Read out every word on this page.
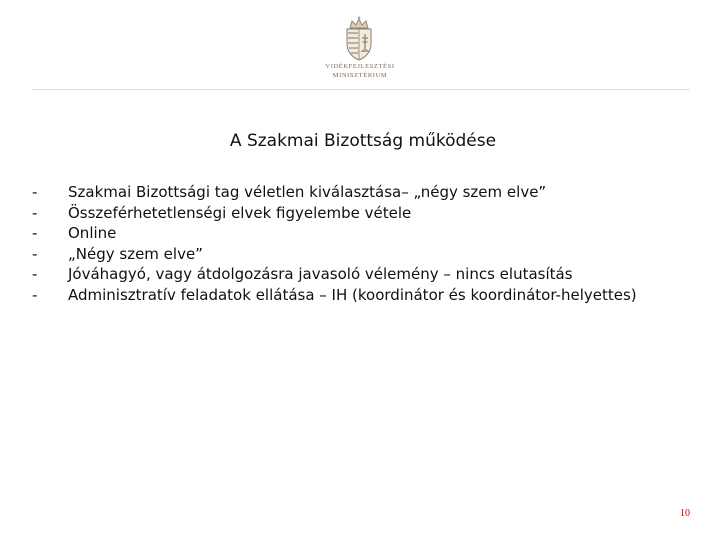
VIDÉKFEJLESZTÉSI
MINISZTÉRIUM
A Szakmai Bizottság működése
-	Szakmai Bizottsági tag véletlen kiválasztása– „négy szem elve”
-	Összeférhetetlenségi elvek figyelembe vétele
-	Online
-	„Négy szem elve”
-	Jóváhagyó, vagy átdolgozásra javasoló vélemény – nincs elutasítás
-	Adminisztratív feladatok ellátása – IH (koordinátor és koordinátor-helyettes)
10
